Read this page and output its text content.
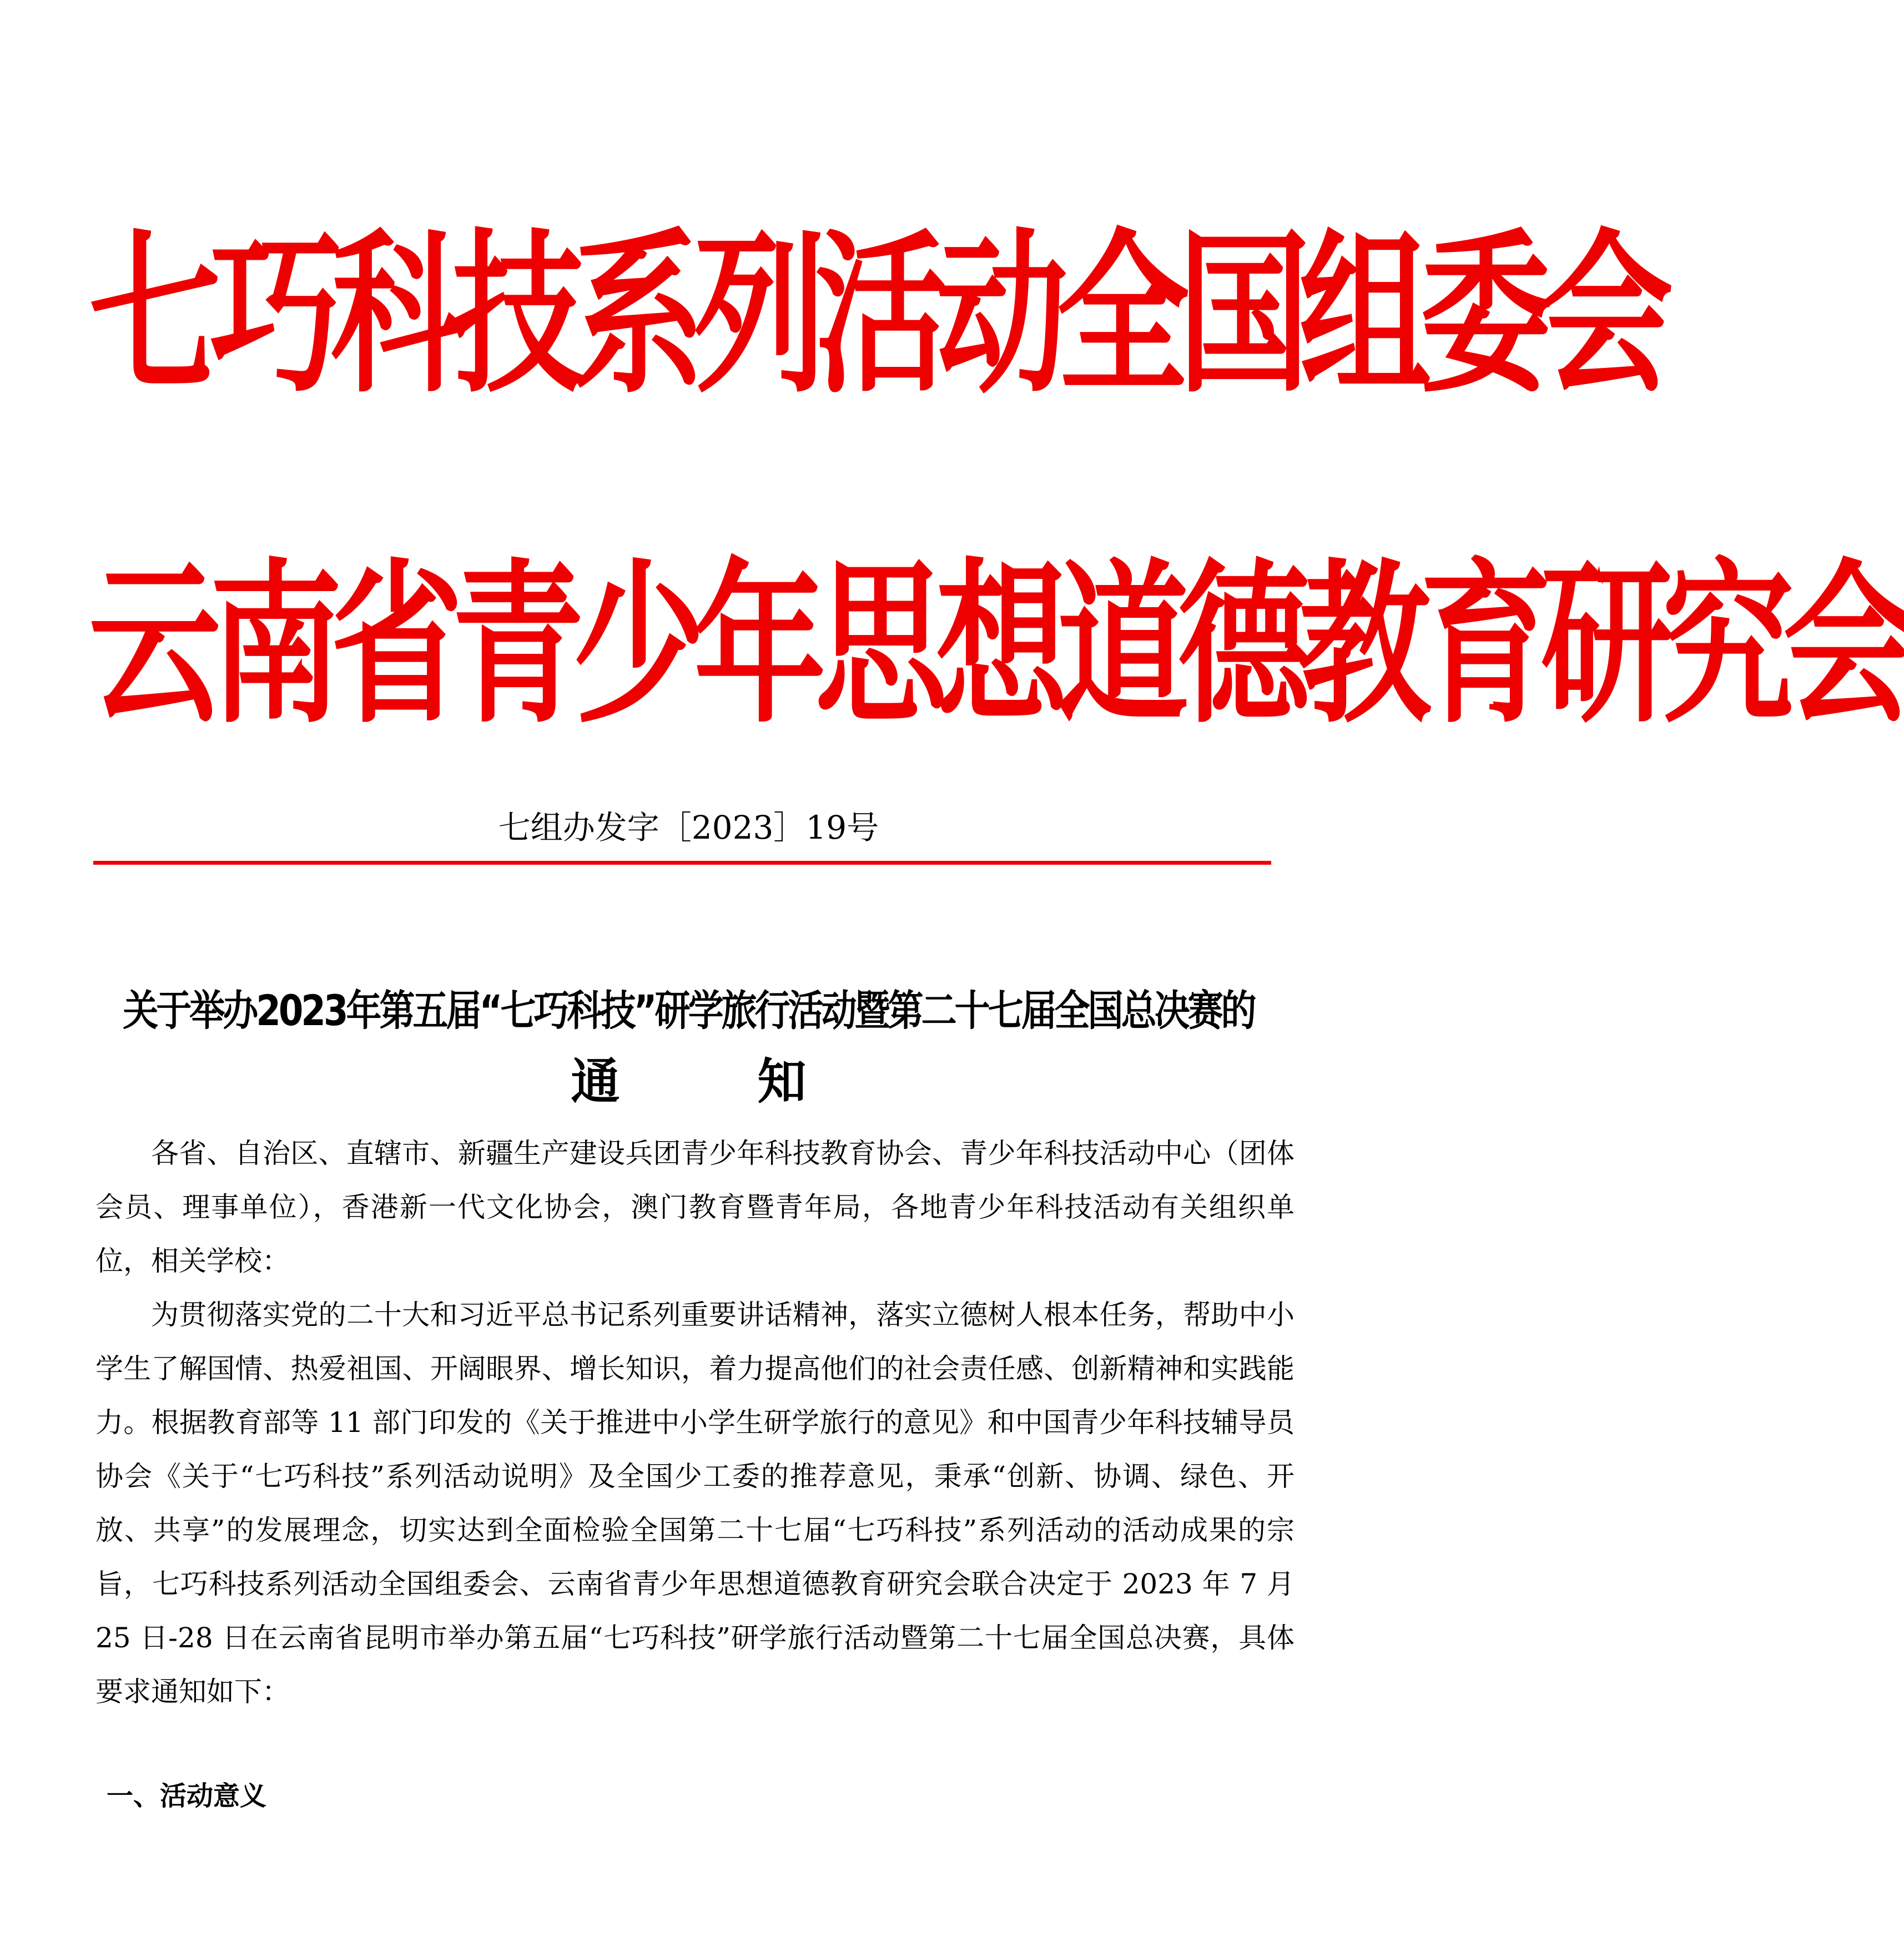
七巧科技系列活动全国组委会
云南省青少年思想道德教育研究会
七组办发字［2023］19号
关于举办2023年第五届“七巧科技”研学旅行活动暨第二十七届全国总决赛的
通知

各省、自治区、直辖市、新疆生产建设兵团青少年科技教育协会、青少年科技活动中心（团体会员、理事单位），香港新一代文化协会，澳门教育暨青年局，各地青少年科技活动有关组织单位，相关学校：

为贯彻落实党的二十大和习近平总书记系列重要讲话精神，落实立德树人根本任务，帮助中小学生了解国情、热爱祖国、开阔眼界、增长知识，着力提高他们的社会责任感、创新精神和实践能力。根据教育部等 11 部门印发的《关于推进中小学生研学旅行的意见》和中国青少年科技辅导员协会《关于“七巧科技”系列活动说明》及全国少工委的推荐意见，秉承“创新、协调、绿色、开放、共享”的发展理念，切实达到全面检验全国第二十七届“七巧科技”系列活动的活动成果的宗旨，七巧科技系列活动全国组委会、云南省青少年思想道德教育研究会联合决定于 2023 年 7 月 25 日-28 日在云南省昆明市举办第五届“七巧科技”研学旅行活动暨第二十七届全国总决赛，具体要求通知如下：

一、活动意义
